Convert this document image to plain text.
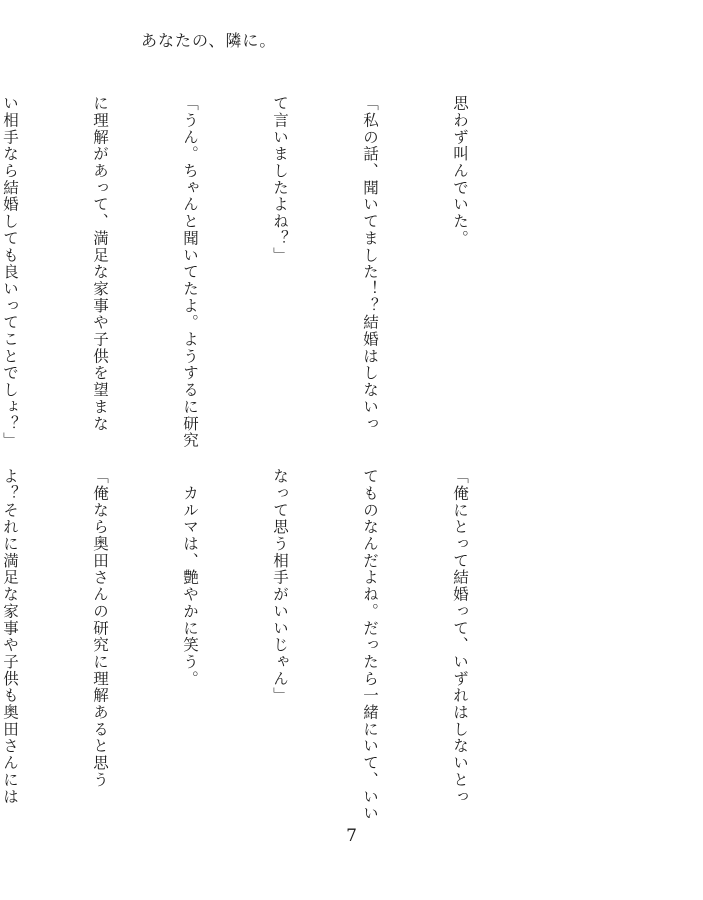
あなたの、隣に。

思わず叫んでいた。

「私の話、聞いてました！？結婚はしないっ

て言いましたよね？」

「うん。ちゃんと聞いてたよ。ようするに研究

に理解があって、満足な家事や子供を望まな

い相手なら結婚しても良いってことでしょ？」

「俺にとって結婚って、いずれはしないとっ

てものなんだよね。だったら一緒にいて、いい

なって思う相手がいいじゃん」

　カルマは、艶やかに笑う。

「俺なら奥田さんの研究に理解あると思う

よ？それに満足な家事や子供も奥田さんには

7
